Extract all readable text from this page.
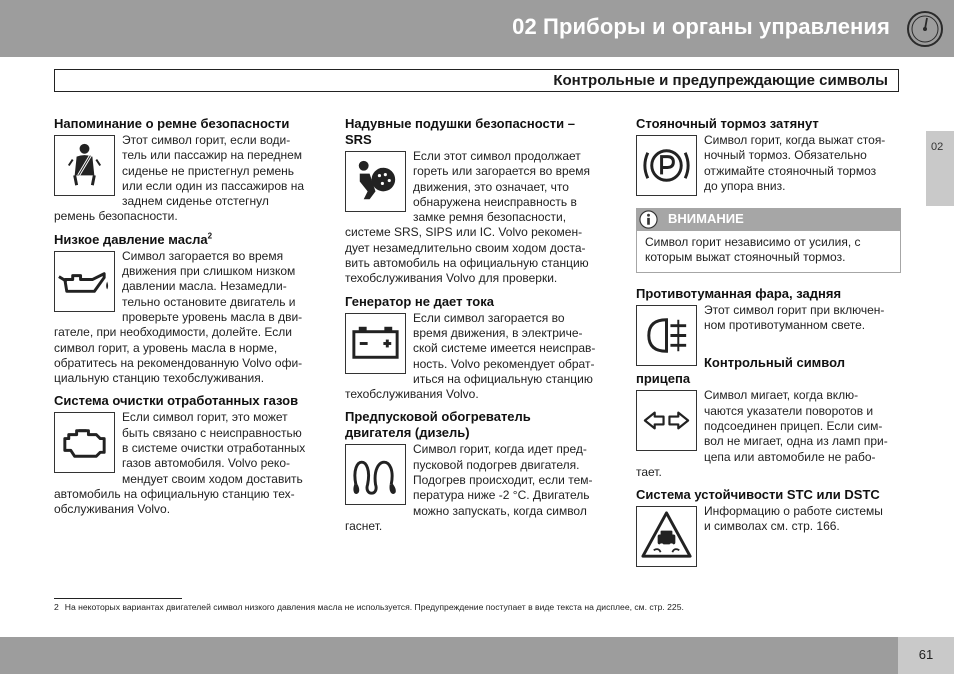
02 Приборы и органы управления
Контрольные и предупреждающие символы
02
Напоминание о ремне безопасности
Этот символ горит, если води-
тель или пассажир на переднем
сиденье не пристегнул ремень
или если один из пассажиров на
заднем сиденье отстегнул
ремень безопасности.
Низкое давление масла$^2$
Символ загорается во время
движения при слишком низком
давлении масла. Незамедли-
тельно остановите двигатель и
проверьте уровень масла в дви-
гателе, при необходимости, долейте. Если
символ горит, а уровень масла в норме,
обратитесь на рекомендованную Volvo офи-
циальную станцию техобслуживания.
Система очистки отработанных газов
Если символ горит, это может
быть связано с неисправностью
в системе очистки отработанных
газов автомобиля. Volvo реко-
мендует своим ходом доставить
автомобиль на официальную станцию тех-
обслуживания Volvo.
Надувные подушки безопасности –
SRS
Если этот символ продолжает
гореть или загорается во время
движения, это означает, что
обнаружена неисправность в
замке ремня безопасности,
системе SRS, SIPS или IC. Volvo рекомен-
дует незамедлительно своим ходом доста-
вить автомобиль на официальную станцию
техобслуживания Volvo для проверки.
Генератор не дает тока
Если символ загорается во
время движения, в электриче-
ской системе имеется неисправ-
ность. Volvo рекомендует обрат-
иться на официальную станцию
техобслуживания Volvo.
Предпусковой обогреватель
двигателя (дизель)
Символ горит, когда идет пред-
пусковой подогрев двигателя.
Подогрев происходит, если тем-
пература ниже -2 °C. Двигатель
можно запускать, когда символ
гаснет.
Стояночный тормоз затянут
Символ горит, когда выжат стоя-
ночный тормоз. Обязательно
отжимайте стояночный тормоз
до упора вниз.
ВНИМАНИЕ
Символ горит независимо от усилия, с
которым выжат стояночный тормоз.
Противотуманная фара, задняя
Этот символ горит при включен-
ном противотуманном свете.
Контрольный символ прицепа
Символ мигает, когда вклю-
чаются указатели поворотов и
подсоединен прицеп. Если сим-
вол не мигает, одна из ламп при-
цепа или автомобиле не рабо-
тает.
Система устойчивости STC или DSTC
Информацию о работе системы
и символах см. стр. 166.
2 На некоторых вариантах двигателей символ низкого давления масла не используется. Предупреждение поступает в виде текста на дисплее, см. стр. 225.
61
